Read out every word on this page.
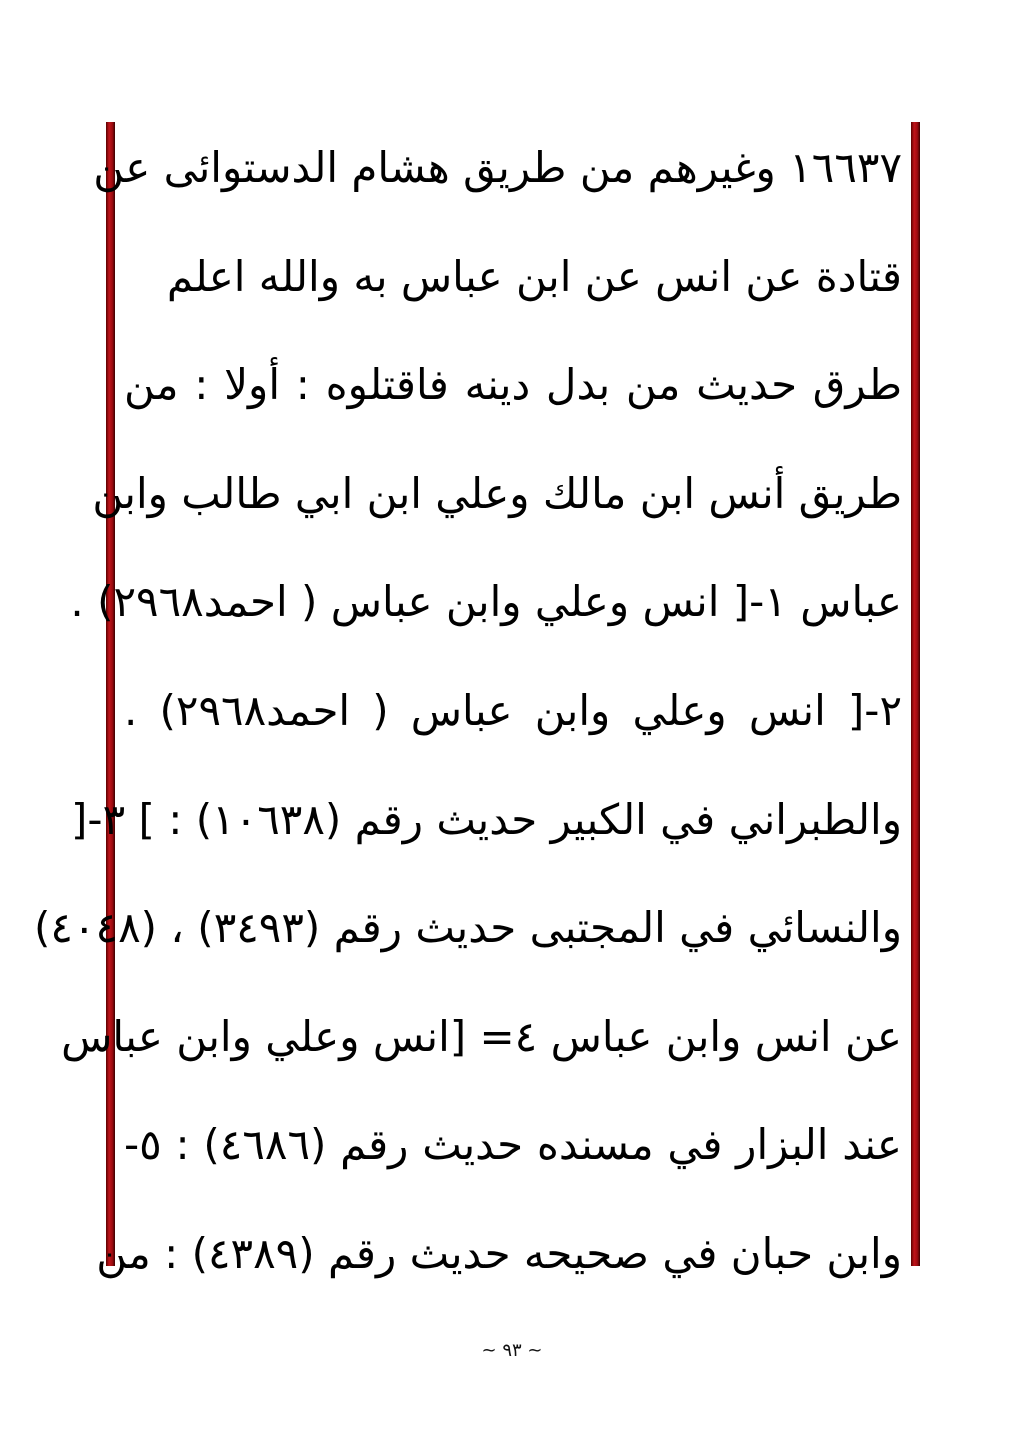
١٦٦٣٧ وغيرهم من طريق هشام الدستوائى عن
قتادة عن انس عن ابن عباس به والله اعلم
طرق حديث من بدل دينه فاقتلوه : أولا : من
طريق أنس ابن مالك وعلي ابن ابي طالب وابن
عباس ١-[ انس وعلي وابن عباس ( احمد٢٩٦٨) .
٢-[ انس وعلي وابن عباس ( احمد٢٩٦٨) .
والطبراني في الكبير حديث رقم (١٠٦٣٨) : ] ٣-[
والنسائي في المجتبى حديث رقم (٣٤٩٣) ، (٤٠٤٨)
عن انس وابن عباس ٤= [انس وعلي وابن عباس
عند البزار في مسنده حديث رقم (٤٦٨٦) : ٥-
وابن حبان في صحيحه حديث رقم (٤٣٨٩) : من
~ ٩٣ ~
